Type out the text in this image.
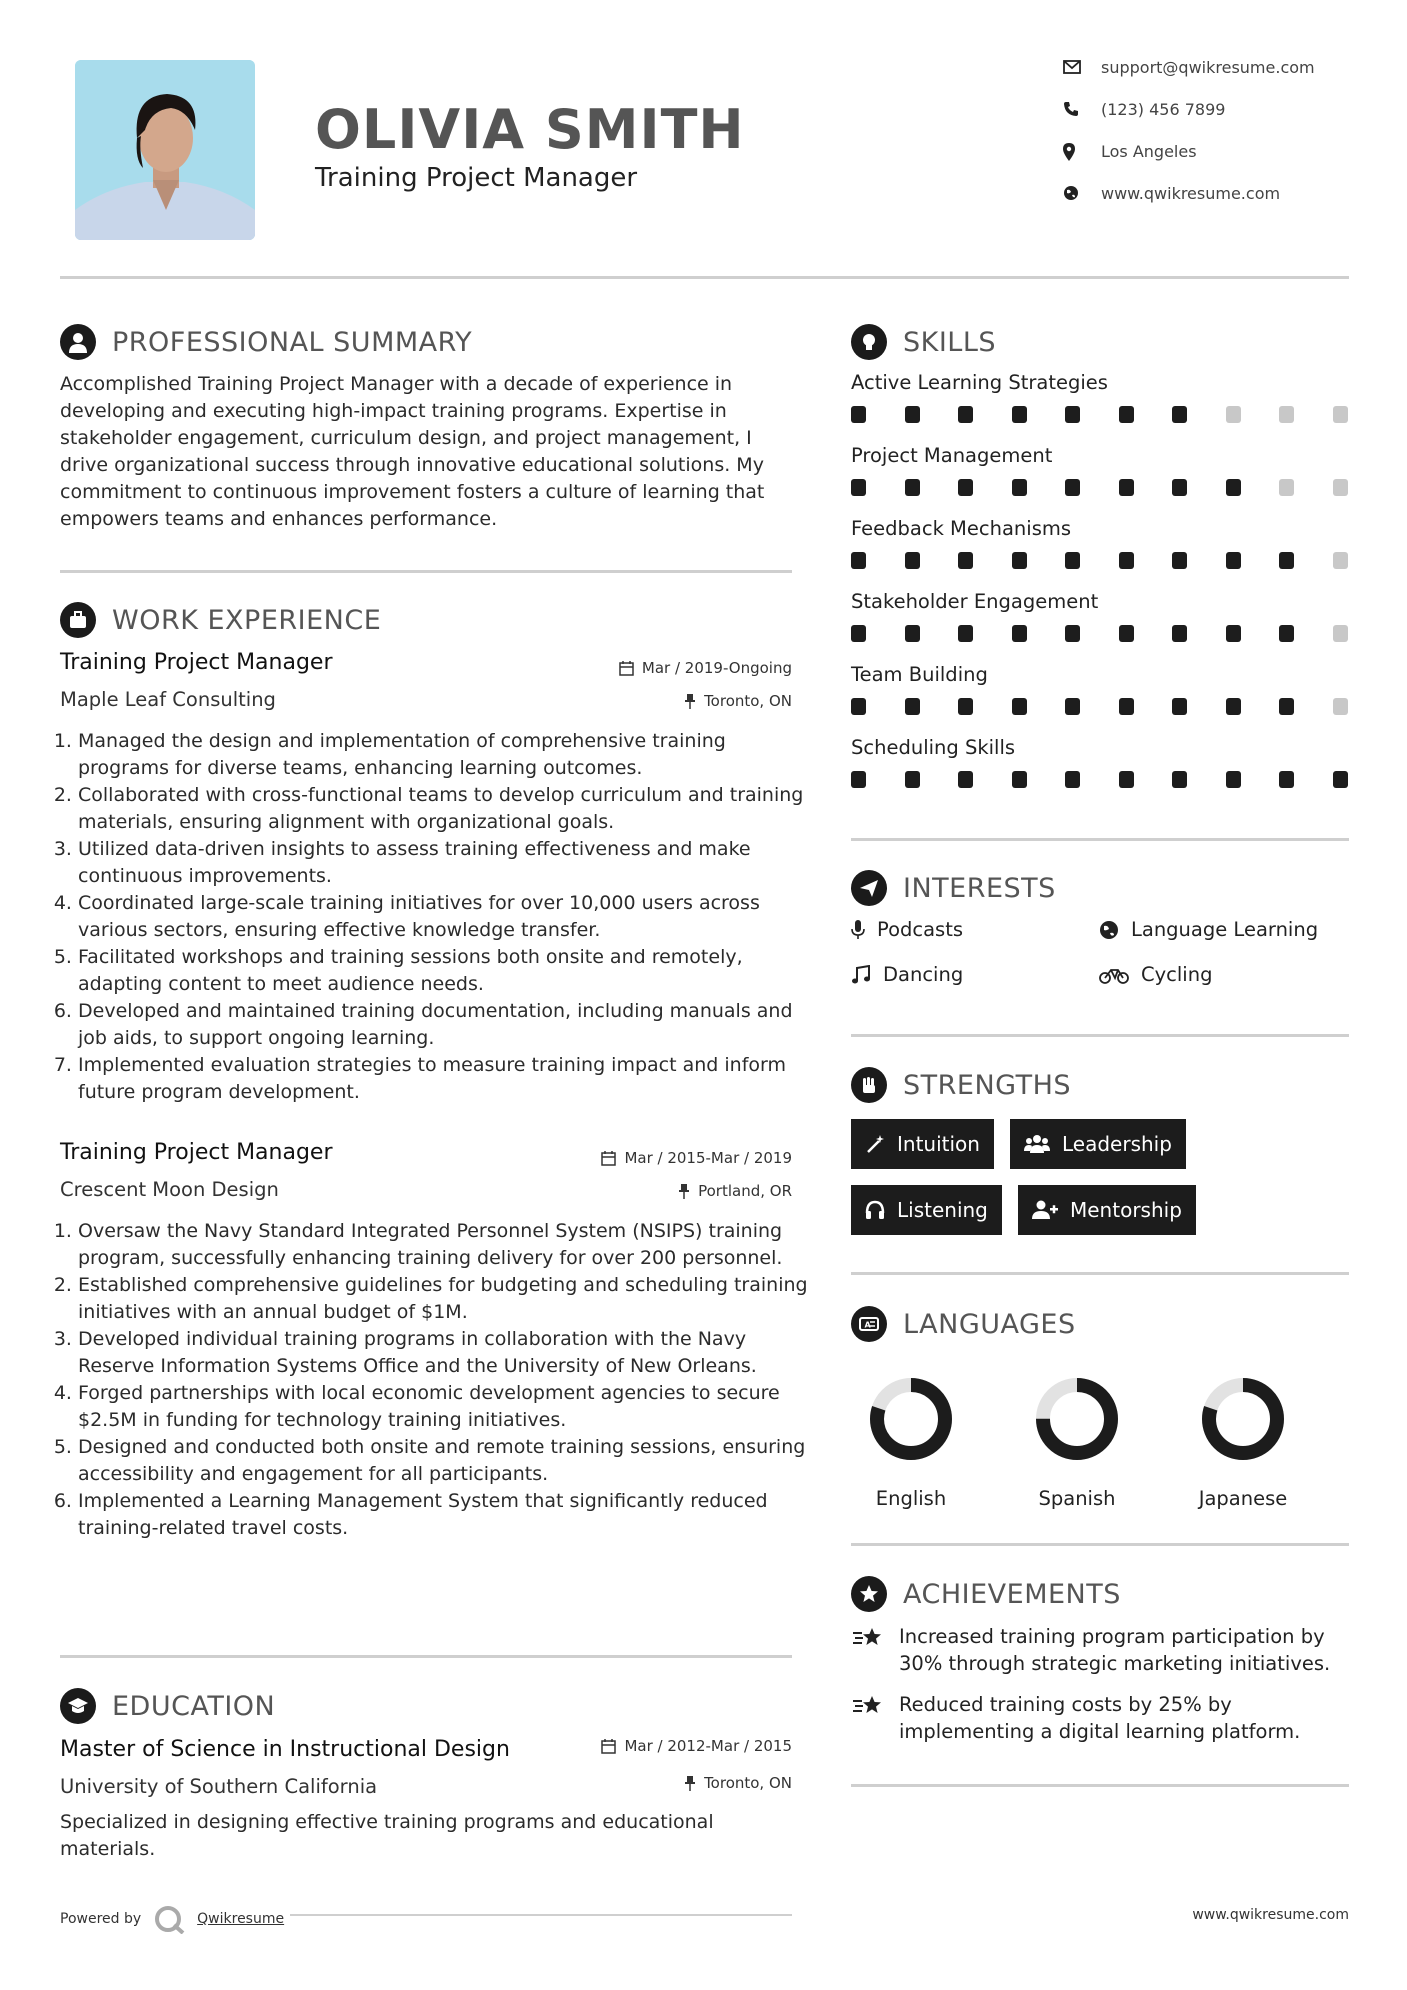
OLIVIA SMITH
Training Project Manager
support@qwikresume.com
(123) 456 7899
Los Angeles
www.qwikresume.com
PROFESSIONAL SUMMARY
Accomplished Training Project Manager with a decade of experience in developing and executing high-impact training programs. Expertise in stakeholder engagement, curriculum design, and project management, I drive organizational success through innovative educational solutions. My commitment to continuous improvement fosters a culture of learning that empowers teams and enhances performance.
WORK EXPERIENCE
Training Project Manager	Mar / 2019-Ongoing
Maple Leaf Consulting	Toronto, ON
1. Managed the design and implementation of comprehensive training programs for diverse teams, enhancing learning outcomes.
2. Collaborated with cross-functional teams to develop curriculum and training materials, ensuring alignment with organizational goals.
3. Utilized data-driven insights to assess training effectiveness and make continuous improvements.
4. Coordinated large-scale training initiatives for over 10,000 users across various sectors, ensuring effective knowledge transfer.
5. Facilitated workshops and training sessions both onsite and remotely, adapting content to meet audience needs.
6. Developed and maintained training documentation, including manuals and job aids, to support ongoing learning.
7. Implemented evaluation strategies to measure training impact and inform future program development.
Training Project Manager	Mar / 2015-Mar / 2019
Crescent Moon Design	Portland, OR
1. Oversaw the Navy Standard Integrated Personnel System (NSIPS) training program, successfully enhancing training delivery for over 200 personnel.
2. Established comprehensive guidelines for budgeting and scheduling training initiatives with an annual budget of $1M.
3. Developed individual training programs in collaboration with the Navy Reserve Information Systems Office and the University of New Orleans.
4. Forged partnerships with local economic development agencies to secure $2.5M in funding for technology training initiatives.
5. Designed and conducted both onsite and remote training sessions, ensuring accessibility and engagement for all participants.
6. Implemented a Learning Management System that significantly reduced training-related travel costs.
EDUCATION
Master of Science in Instructional Design	Mar / 2012-Mar / 2015
University of Southern California	Toronto, ON
Specialized in designing effective training programs and educational materials.
SKILLS
Active Learning Strategies
Project Management
Feedback Mechanisms
Stakeholder Engagement
Team Building
Scheduling Skills
INTERESTS
Podcasts	Language Learning
Dancing	Cycling
STRENGTHS
Intuition	Leadership
Listening	Mentorship
A LANGUAGES
English	Spanish	Japanese
ACHIEVEMENTS
Increased training program participation by 30% through strategic marketing initiatives.
Reduced training costs by 25% by implementing a digital learning platform.
Powered by	Qwikresume	www.qwikresume.com
